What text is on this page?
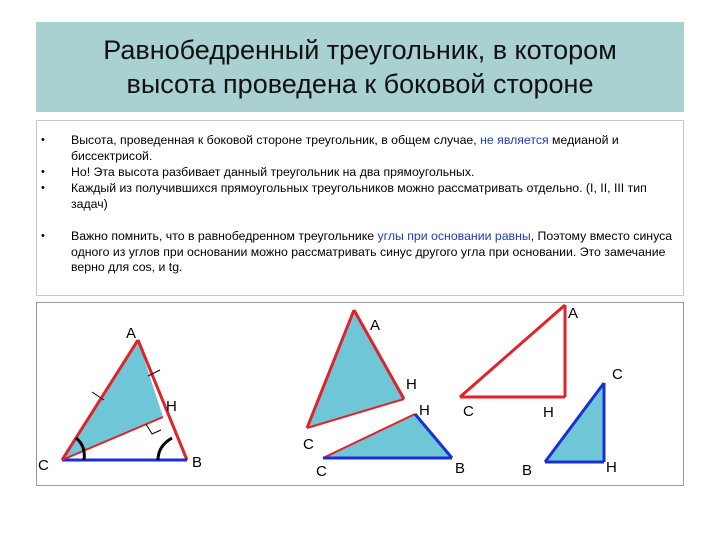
Равнобедренный треугольник, в котором
высота проведена к боковой стороне
• Высота, проведенная к боковой стороне треугольник, в общем случае, не является медианой и биссектрисой.
• Но! Эта высота разбивает данный треугольник на два прямоугольных.
• Каждый из получившихся прямоугольных треугольников можно рассматривать отдельно. (I, II, III тип задач)
• Важно помнить, что в равнобедренном треугольнике углы при основании равны, Поэтому вместо синуса одного из углов при основании можно рассматривать синус другого угла при основании. Это замечание верно для cos, и tg.
А
Н
С	В
А
Н
С
Н
С	В
А
С	Н
С
В	Н
